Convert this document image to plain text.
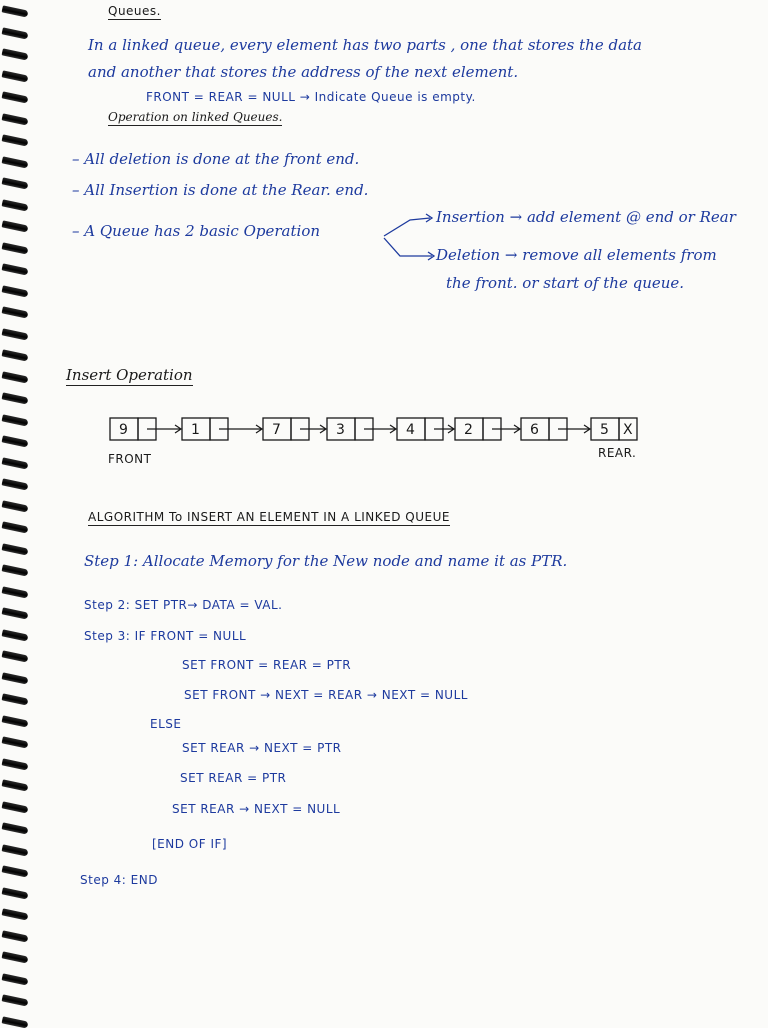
Queues.
In a linked queue, every element has two parts , one that stores the data
and another that stores the address of the next element.
FRONT = REAR = NULL → Indicate Queue is empty.
Operation on linked Queues.
– All deletion is done at the front end.
– All Insertion is done at the Rear. end.
– A Queue has 2 basic Operation
Insertion → add element @ end or Rear
Deletion → remove all elements from
the front. or start of the queue.
Insert Operation
9	1	7	3	4	2	6	5 X
FRONT	REAR.
ALGORITHM To INSERT AN ELEMENT IN A LINKED QUEUE
Step 1: Allocate Memory for the New node and name it as PTR.
Step 2: SET PTR→ DATA = VAL.
Step 3: IF FRONT = NULL
SET FRONT = REAR = PTR
SET FRONT → NEXT = REAR → NEXT = NULL
ELSE
SET REAR → NEXT = PTR
SET REAR = PTR
SET REAR → NEXT = NULL
[END OF IF]
Step 4: END
